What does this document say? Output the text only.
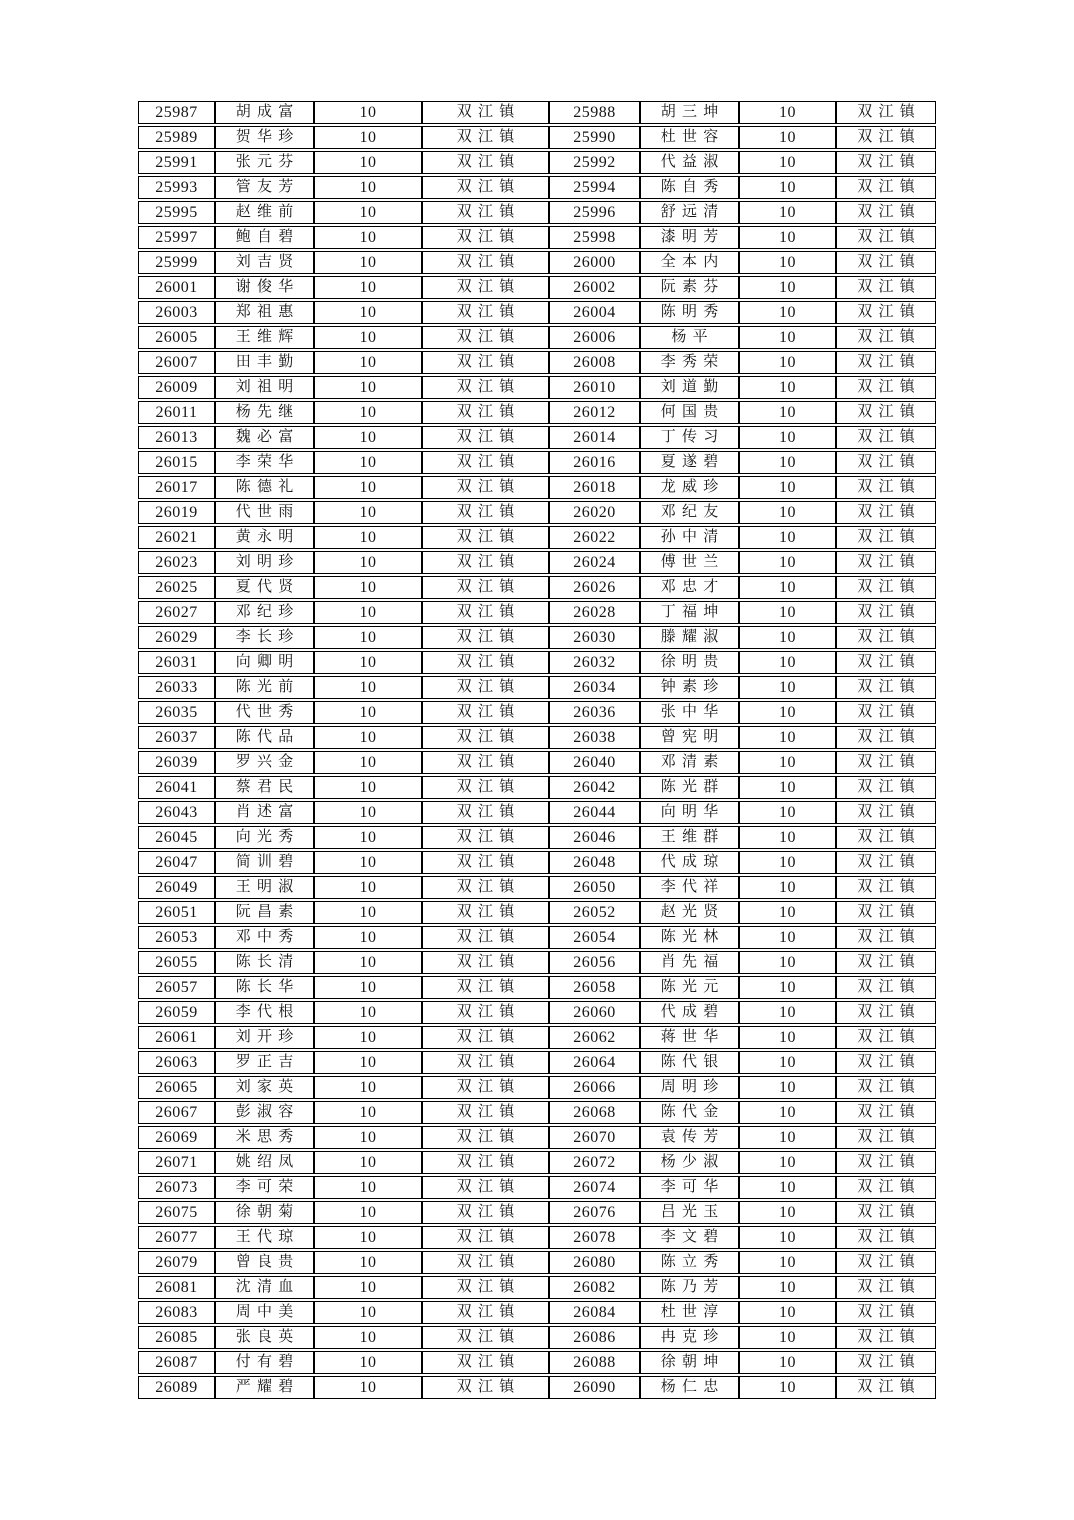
25987	胡成富	10	双江镇	25988	胡三坤	10	双江镇
25989	贺华珍	10	双江镇	25990	杜世容	10	双江镇
25991	张元芬	10	双江镇	25992	代益淑	10	双江镇
25993	管友芳	10	双江镇	25994	陈自秀	10	双江镇
25995	赵维前	10	双江镇	25996	舒远清	10	双江镇
25997	鲍自碧	10	双江镇	25998	漆明芳	10	双江镇
25999	刘吉贤	10	双江镇	26000	全本内	10	双江镇
26001	谢俊华	10	双江镇	26002	阮素芬	10	双江镇
26003	郑祖惠	10	双江镇	26004	陈明秀	10	双江镇
26005	王维辉	10	双江镇	26006	杨平	10	双江镇
26007	田丰勤	10	双江镇	26008	李秀荣	10	双江镇
26009	刘祖明	10	双江镇	26010	刘道勤	10	双江镇
26011	杨先继	10	双江镇	26012	何国贵	10	双江镇
26013	魏必富	10	双江镇	26014	丁传习	10	双江镇
26015	李荣华	10	双江镇	26016	夏遂碧	10	双江镇
26017	陈德礼	10	双江镇	26018	龙威珍	10	双江镇
26019	代世雨	10	双江镇	26020	邓纪友	10	双江镇
26021	黄永明	10	双江镇	26022	孙中清	10	双江镇
26023	刘明珍	10	双江镇	26024	傅世兰	10	双江镇
26025	夏代贤	10	双江镇	26026	邓忠才	10	双江镇
26027	邓纪珍	10	双江镇	26028	丁福坤	10	双江镇
26029	李长珍	10	双江镇	26030	滕耀淑	10	双江镇
26031	向卿明	10	双江镇	26032	徐明贵	10	双江镇
26033	陈光前	10	双江镇	26034	钟素珍	10	双江镇
26035	代世秀	10	双江镇	26036	张中华	10	双江镇
26037	陈代品	10	双江镇	26038	曾宪明	10	双江镇
26039	罗兴金	10	双江镇	26040	邓清素	10	双江镇
26041	蔡君民	10	双江镇	26042	陈光群	10	双江镇
26043	肖述富	10	双江镇	26044	向明华	10	双江镇
26045	向光秀	10	双江镇	26046	王维群	10	双江镇
26047	简训碧	10	双江镇	26048	代成琼	10	双江镇
26049	王明淑	10	双江镇	26050	李代祥	10	双江镇
26051	阮昌素	10	双江镇	26052	赵光贤	10	双江镇
26053	邓中秀	10	双江镇	26054	陈光林	10	双江镇
26055	陈长清	10	双江镇	26056	肖先福	10	双江镇
26057	陈长华	10	双江镇	26058	陈光元	10	双江镇
26059	李代根	10	双江镇	26060	代成碧	10	双江镇
26061	刘开珍	10	双江镇	26062	蒋世华	10	双江镇
26063	罗正吉	10	双江镇	26064	陈代银	10	双江镇
26065	刘家英	10	双江镇	26066	周明珍	10	双江镇
26067	彭淑容	10	双江镇	26068	陈代金	10	双江镇
26069	米思秀	10	双江镇	26070	袁传芳	10	双江镇
26071	姚绍凤	10	双江镇	26072	杨少淑	10	双江镇
26073	李可荣	10	双江镇	26074	李可华	10	双江镇
26075	徐朝菊	10	双江镇	26076	吕光玉	10	双江镇
26077	王代琼	10	双江镇	26078	李文碧	10	双江镇
26079	曾良贵	10	双江镇	26080	陈立秀	10	双江镇
26081	沈清血	10	双江镇	26082	陈乃芳	10	双江镇
26083	周中美	10	双江镇	26084	杜世淳	10	双江镇
26085	张良英	10	双江镇	26086	冉克珍	10	双江镇
26087	付有碧	10	双江镇	26088	徐朝坤	10	双江镇
26089	严耀碧	10	双江镇	26090	杨仁忠	10	双江镇
